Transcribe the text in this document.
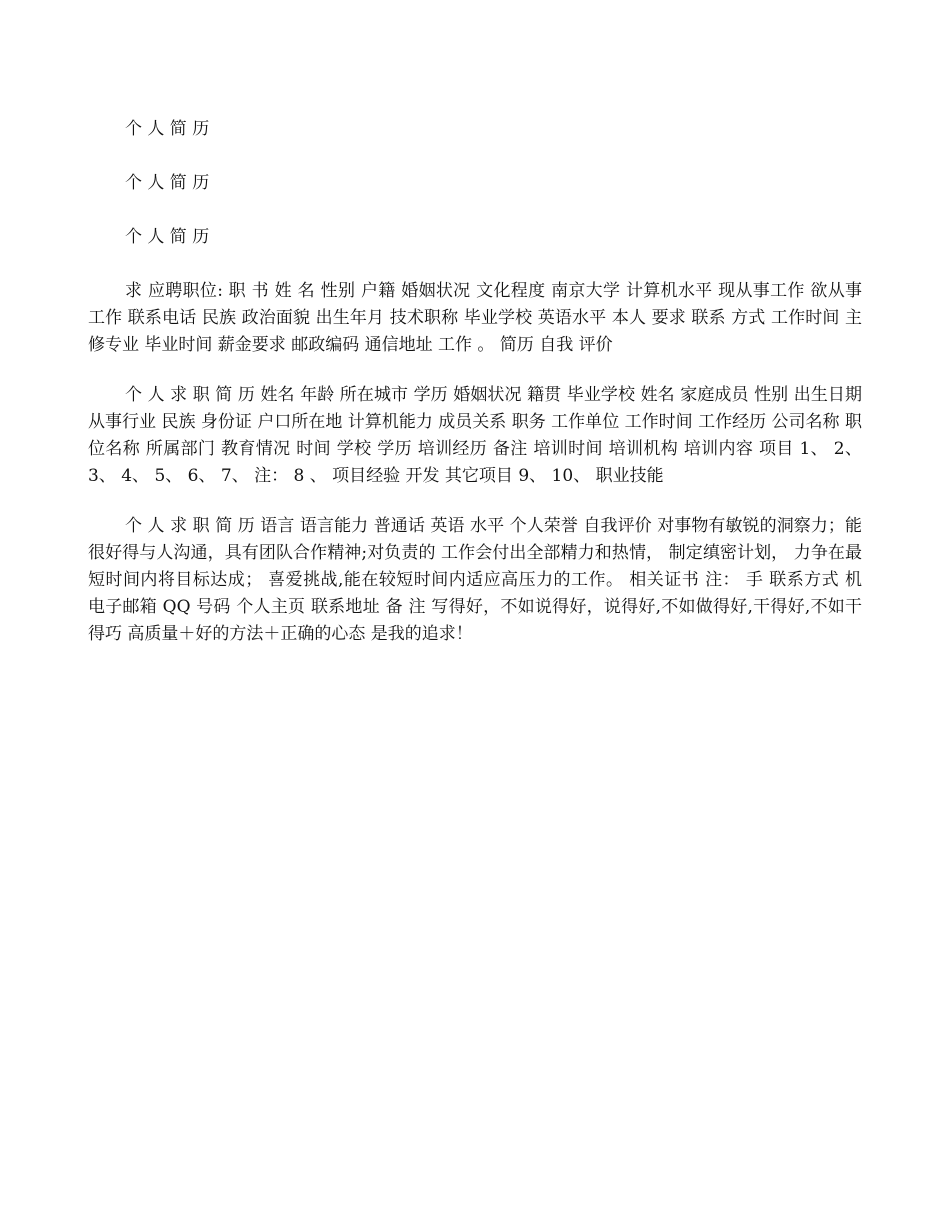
个 人 简 历

个 人 简 历

个 人 简 历

求 应聘职位: 职 书 姓 名 性别 户籍 婚姻状况 文化程度 南京大学 计算机水平 现从事工作 欲从事工作 联系电话 民族 政治面貌 出生年月 技术职称 毕业学校 英语水平 本人 要求 联系 方式 工作时间 主修专业 毕业时间 薪金要求 邮政编码 通信地址 工作 。 简历 自我 评价

个 人 求 职 简 历 姓名 年龄 所在城市 学历 婚姻状况 籍贯 毕业学校 姓名 家庭成员 性别 出生日期 从事行业 民族 身份证 户口所在地 计算机能力 成员关系 职务 工作单位 工作时间 工作经历 公司名称 职位名称 所属部门 教育情况 时间 学校 学历 培训经历 备注 培训时间 培训机构 培训内容 项目 1、 2、 3、 4、 5、 6、 7、 注： 8 、 项目经验 开发 其它项目 9、 10、 职业技能

个 人 求 职 简 历 语言 语言能力 普通话 英语 水平 个人荣誉 自我评价 对事物有敏锐的洞察力；能很好得与人沟通，具有团队合作精神;对负责的 工作会付出全部精力和热情， 制定缜密计划， 力争在最短时间内将目标达成； 喜爱挑战,能在较短时间内适应高压力的工作。 相关证书 注： 手 联系方式 机 电子邮箱 QQ 号码 个人主页 联系地址 备 注 写得好，不如说得好，说得好,不如做得好,干得好,不如干得巧 高质量＋好的方法＋正确的心态 是我的追求！
